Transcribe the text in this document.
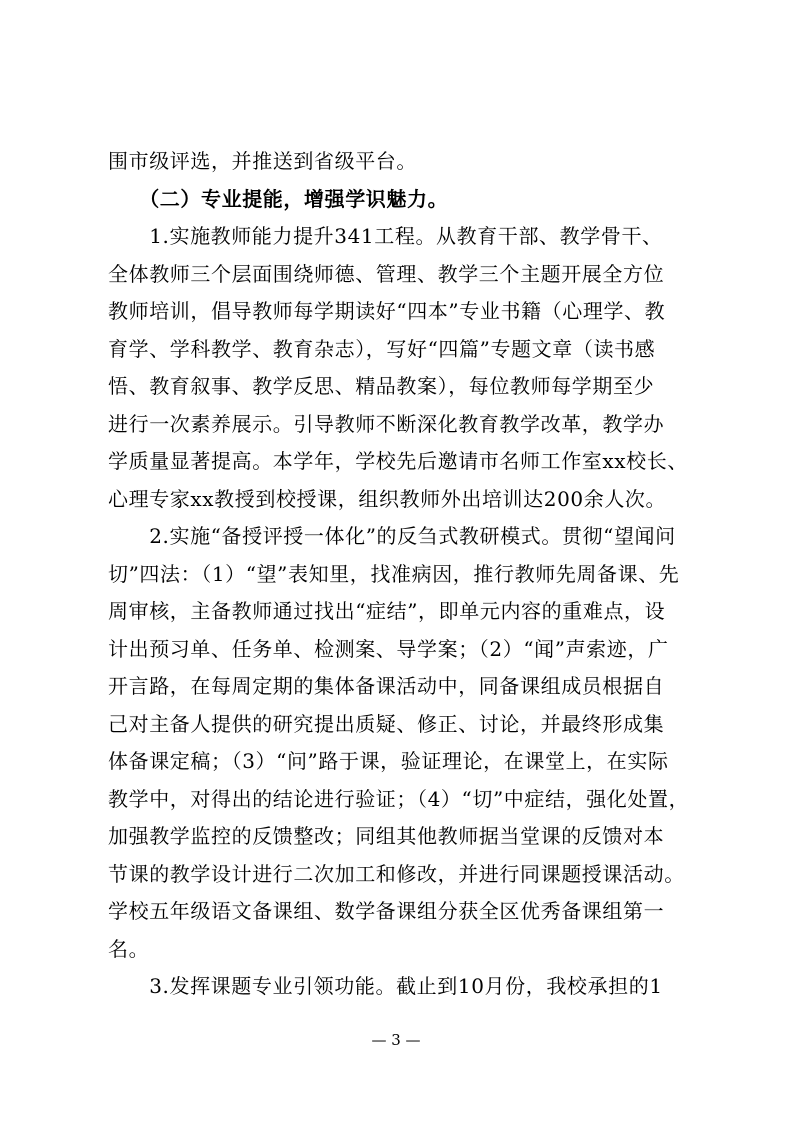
围市级评选，并推送到省级平台。
　　（二）专业提能，增强学识魅力。
　　1.实施教师能力提升341工程。从教育干部、教学骨干、
全体教师三个层面围绕师德、管理、教学三个主题开展全方位
教师培训，倡导教师每学期读好“四本”专业书籍（心理学、教
育学、学科教学、教育杂志），写好“四篇”专题文章（读书感
悟、教育叙事、教学反思、精品教案），每位教师每学期至少
进行一次素养展示。引导教师不断深化教育教学改革，教学办
学质量显著提高。本学年，学校先后邀请市名师工作室xx校长、
心理专家xx教授到校授课，组织教师外出培训达200余人次。
　　2.实施“备授评授一体化”的反刍式教研模式。贯彻“望闻问
切”四法：（1）“望”表知里，找准病因，推行教师先周备课、先
周审核，主备教师通过找出“症结”，即单元内容的重难点，设
计出预习单、任务单、检测案、导学案；（2）“闻”声索迹，广
开言路，在每周定期的集体备课活动中，同备课组成员根据自
己对主备人提供的研究提出质疑、修正、讨论，并最终形成集
体备课定稿；（3）“问”路于课，验证理论，在课堂上，在实际
教学中，对得出的结论进行验证；（4）“切”中症结，强化处置，
加强教学监控的反馈整改；同组其他教师据当堂课的反馈对本
节课的教学设计进行二次加工和修改，并进行同课题授课活动。
学校五年级语文备课组、数学备课组分获全区优秀备课组第一
名。
　　3.发挥课题专业引领功能。截止到10月份，我校承担的1
— 3 —
